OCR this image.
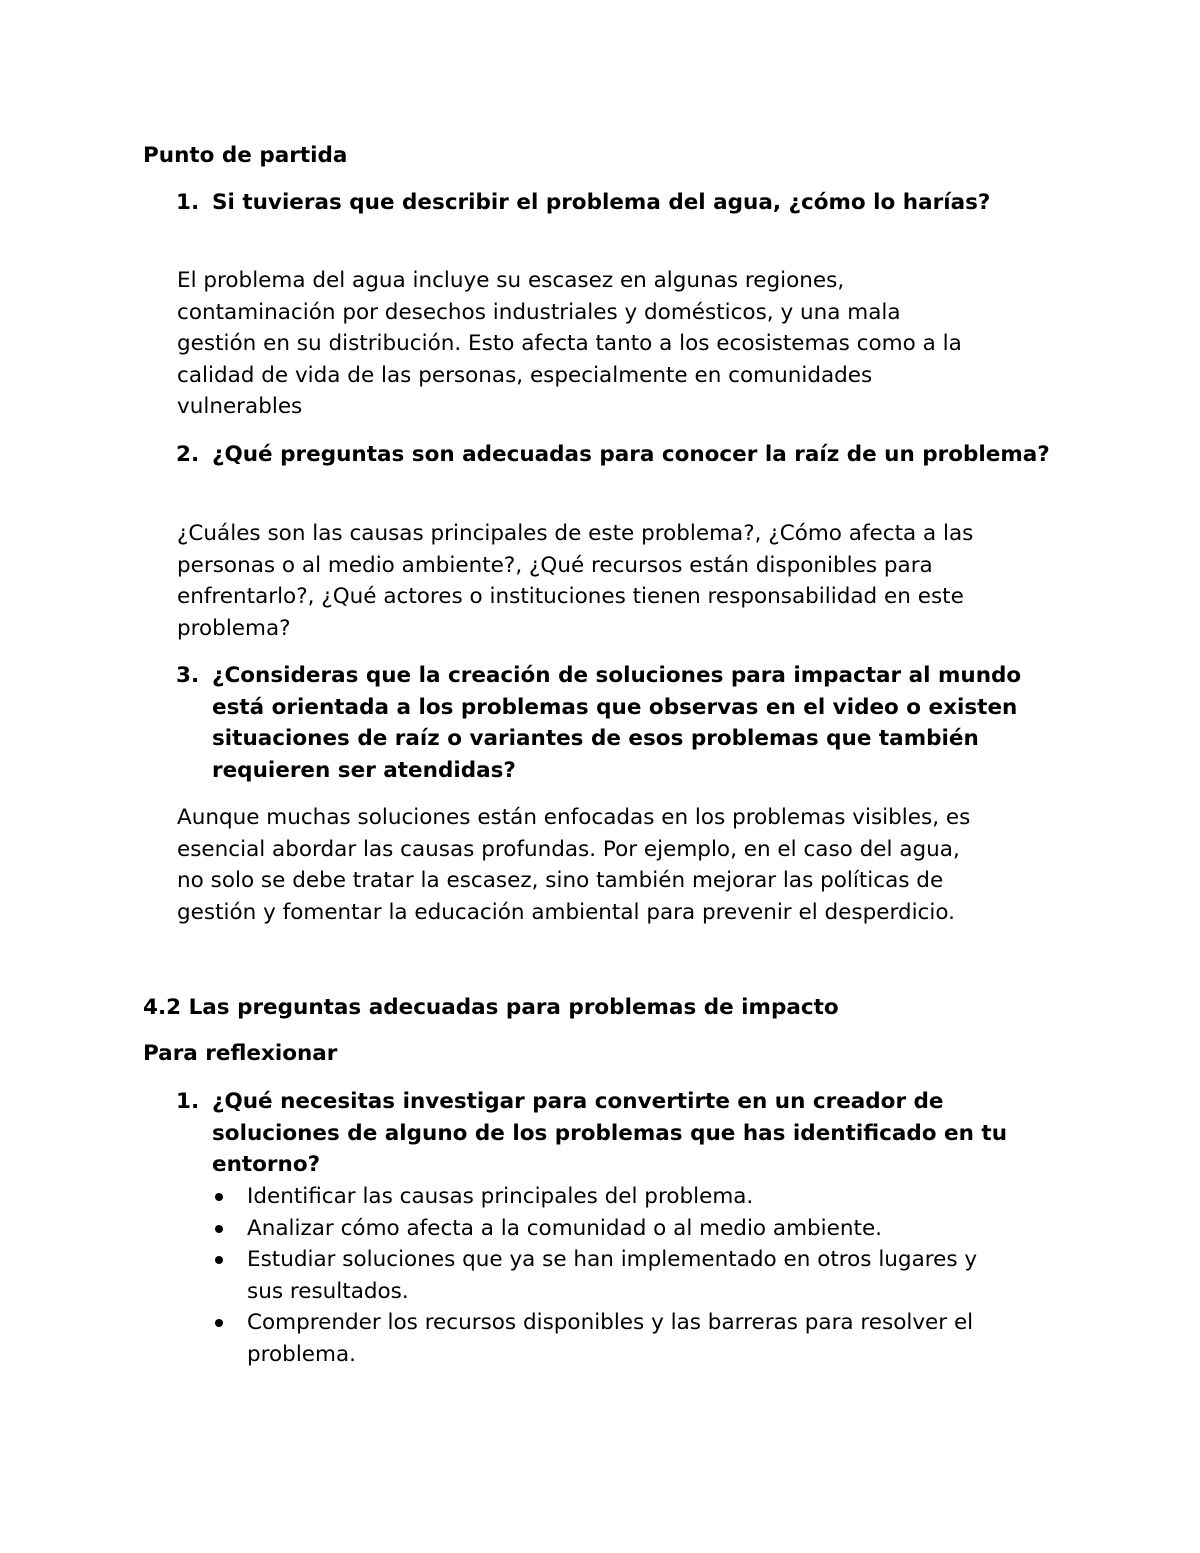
Punto de partida
1. Si tuvieras que describir el problema del agua, ¿cómo lo harías?
El problema del agua incluye su escasez en algunas regiones,
contaminación por desechos industriales y domésticos, y una mala
gestión en su distribución. Esto afecta tanto a los ecosistemas como a la
calidad de vida de las personas, especialmente en comunidades
vulnerables
2. ¿Qué preguntas son adecuadas para conocer la raíz de un problema?
¿Cuáles son las causas principales de este problema?, ¿Cómo afecta a las
personas o al medio ambiente?, ¿Qué recursos están disponibles para
enfrentarlo?, ¿Qué actores o instituciones tienen responsabilidad en este
problema?
3. ¿Consideras que la creación de soluciones para impactar al mundo está orientada a los problemas que observas en el video o existen situaciones de raíz o variantes de esos problemas que también requieren ser atendidas?
Aunque muchas soluciones están enfocadas en los problemas visibles, es
esencial abordar las causas profundas. Por ejemplo, en el caso del agua,
no solo se debe tratar la escasez, sino también mejorar las políticas de
gestión y fomentar la educación ambiental para prevenir el desperdicio.
4.2 Las preguntas adecuadas para problemas de impacto
Para reflexionar
1. ¿Qué necesitas investigar para convertirte en un creador de soluciones de alguno de los problemas que has identificado en tu entorno?
Identificar las causas principales del problema.
Analizar cómo afecta a la comunidad o al medio ambiente.
Estudiar soluciones que ya se han implementado en otros lugares y
sus resultados.
Comprender los recursos disponibles y las barreras para resolver el
problema.
